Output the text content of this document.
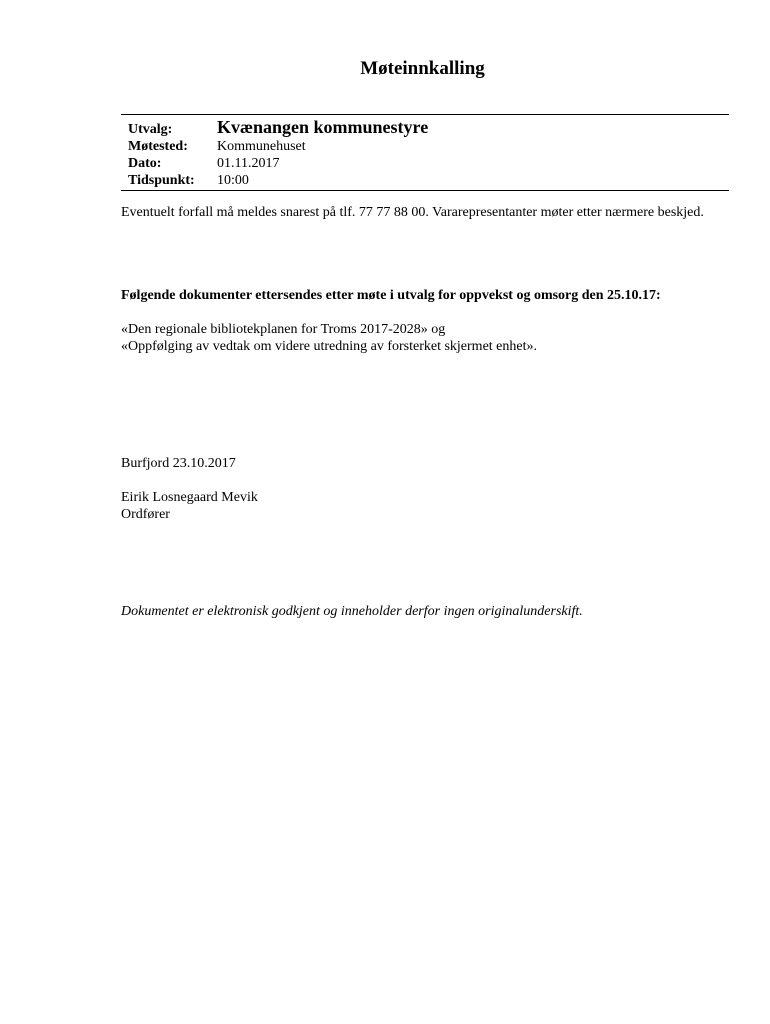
Møteinnkalling
Utvalg:	Kvænangen kommunestyre
Møtested:	Kommunehuset
Dato:	01.11.2017
Tidspunkt:	10:00
Eventuelt forfall må meldes snarest på tlf. 77 77 88 00. Vararepresentanter møter etter nærmere beskjed.
Følgende dokumenter ettersendes etter møte i utvalg for oppvekst og omsorg den 25.10.17:
«Den regionale bibliotekplanen for Troms 2017-2028» og
«Oppfølging av vedtak om videre utredning av forsterket skjermet enhet».
Burfjord 23.10.2017
Eirik Losnegaard Mevik
Ordfører
Dokumentet er elektronisk godkjent og inneholder derfor ingen originalunderskift.
